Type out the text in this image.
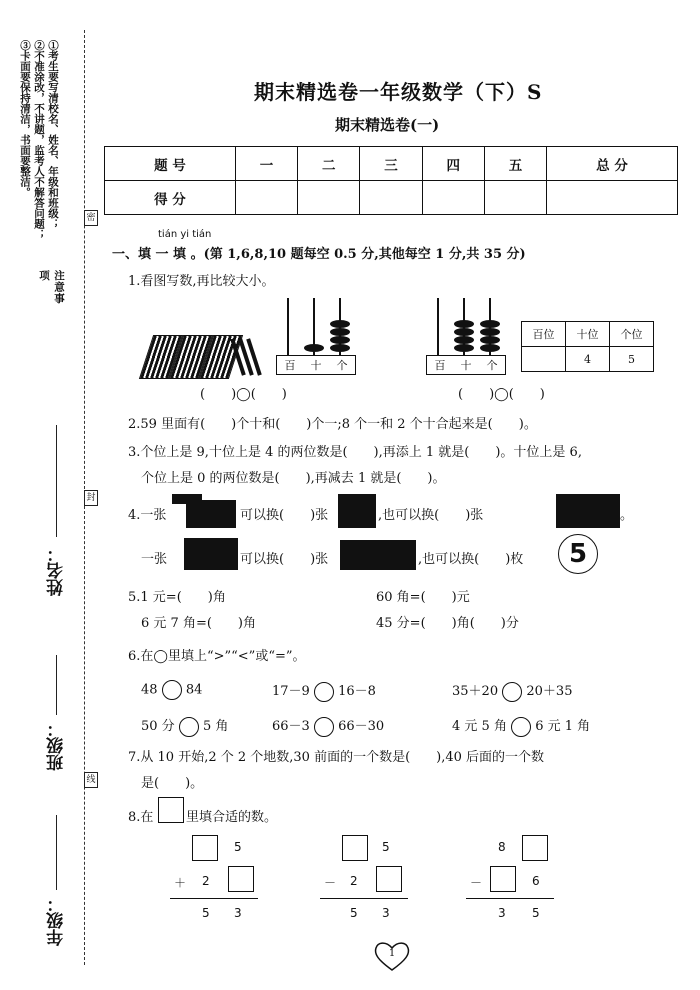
注意事项
①考生要写清校名、姓名、年级和班级；
②不准涂改，不讲题，监考人不解答问题；
③卡面要保持清洁，书面要整洁。
密
封
线
姓名：
班级：
年级：
期末精选卷一年级数学（下）S
期末精选卷(一)
题 号	一	二	三	四	五	总 分
得 分						
tián yi tián
一、填 一 填 。(第 1,6,8,10 题每空 0.5 分,其他每空 1 分,共 35 分)
1.看图写数,再比较大小。
百 十 个	百 十 个
百位	十位	个位
	4	5
(　　)◯(　　)	(　　)◯(　　)
2.59 里面有(　　)个十和(　　)个一;8 个一和 2 个十合起来是(　　)。
3.个位上是 9,十位上是 4 的两位数是(　　),再添上 1 就是(　　)。十位上是 6,
个位上是 0 的两位数是(　　),再减去 1 就是(　　)。
4.一张	可以换(　　)张	,也可以换(　　)张	。
一张	可以换(　　)张	,也可以换(　　)枚	5
5.1 元=(　　)角	60 角=(　　)元
6 元 7 角=(　　)角	45 分=(　　)角(　　)分
6.在◯里填上“>”“<”或“=”。
48 84	17－9 16－8	35＋20 20＋35
50 分 5 角	66－3 66－30	4 元 5 角 6 元 1 角
7.从 10 开始,2 个 2 个地数,30 前面的一个数是(　　),40 后面的一个数
是(　　)。
8.在	里填合适的数。
5
＋ 2
5 3
5
－ 2
5 3
8
－	6
3 5
1
